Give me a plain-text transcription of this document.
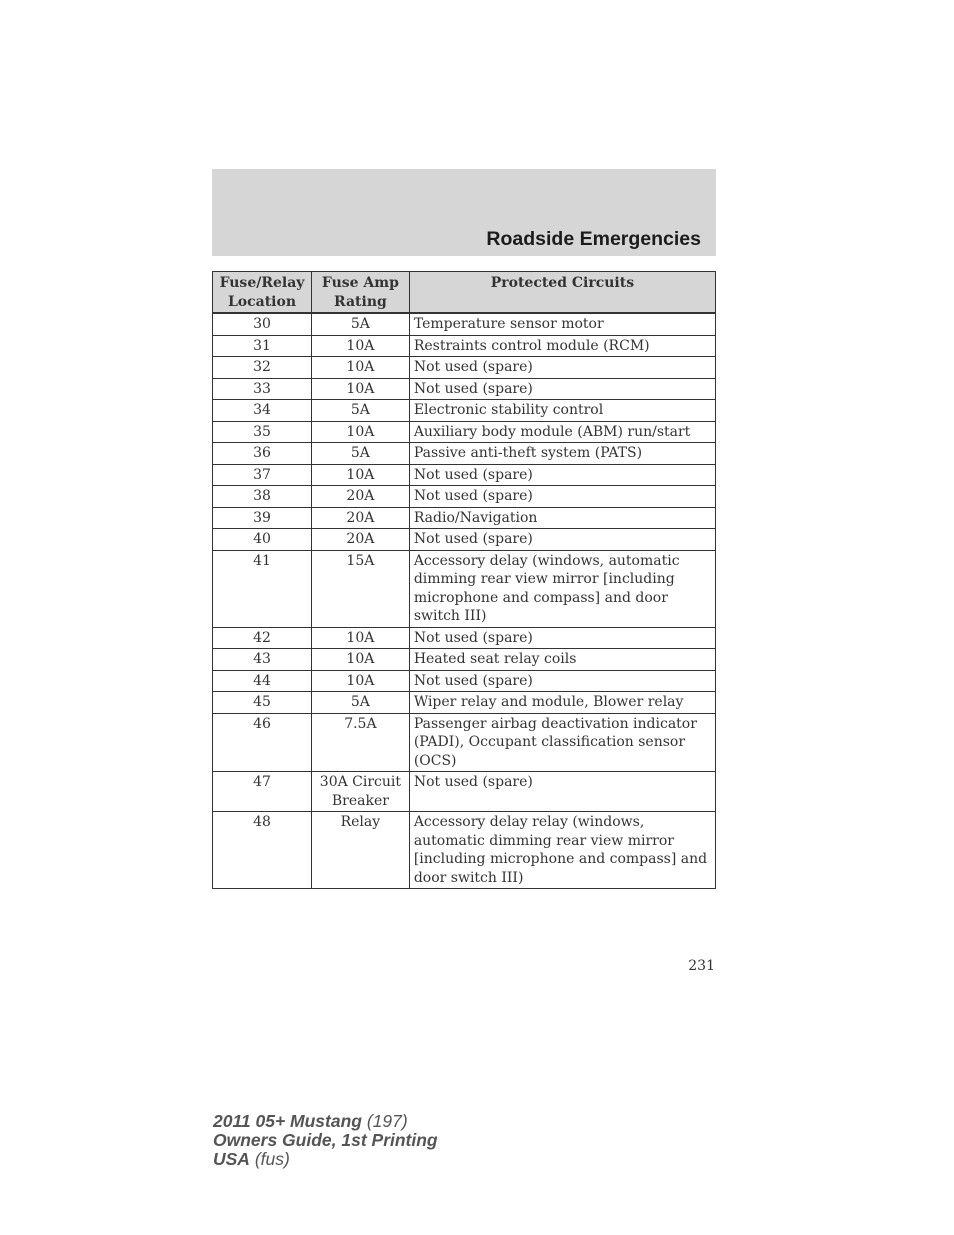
Roadside Emergencies
Fuse/Relay Location	Fuse Amp Rating	Protected Circuits
30	5A	Temperature sensor motor
31	10A	Restraints control module (RCM)
32	10A	Not used (spare)
33	10A	Not used (spare)
34	5A	Electronic stability control
35	10A	Auxiliary body module (ABM) run/start
36	5A	Passive anti-theft system (PATS)
37	10A	Not used (spare)
38	20A	Not used (spare)
39	20A	Radio/Navigation
40	20A	Not used (spare)
41	15A	Accessory delay (windows, automatic dimming rear view mirror [including microphone and compass] and door switch III)
42	10A	Not used (spare)
43	10A	Heated seat relay coils
44	10A	Not used (spare)
45	5A	Wiper relay and module, Blower relay
46	7.5A	Passenger airbag deactivation indicator (PADI), Occupant classification sensor (OCS)
47	30A Circuit Breaker	Not used (spare)
48	Relay	Accessory delay relay (windows, automatic dimming rear view mirror [including microphone and compass] and door switch III)
231
2011 05+ Mustang (197)
Owners Guide, 1st Printing
USA (fus)
